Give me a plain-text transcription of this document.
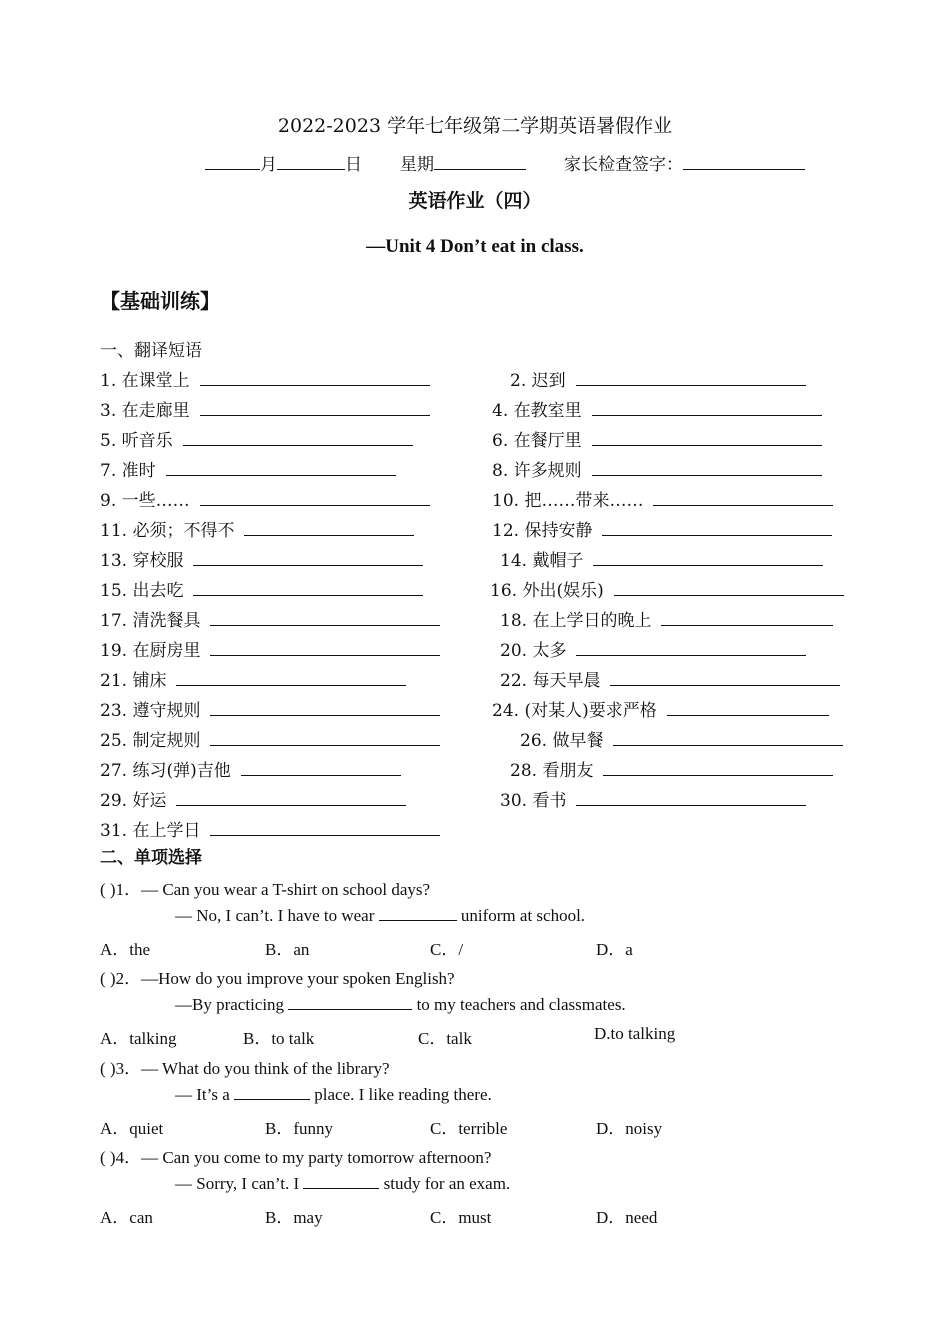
2022-2023 学年七年级第二学期英语暑假作业
月	日 星期	家长检查签字：
英语作业（四）
—Unit 4 Don’t eat in class.
【基础训练】
一、翻译短语
1. 在课堂上	2. 迟到
3. 在走廊里	4. 在教室里
5. 听音乐	6. 在餐厅里
7. 准时	8. 许多规则
9. 一些……	10. 把……带来……
11. 必须；不得不	12. 保持安静
13. 穿校服	14. 戴帽子
15. 出去吃	16. 外出(娱乐)
17. 清洗餐具	18. 在上学日的晚上
19. 在厨房里	20. 太多
21. 铺床	22. 每天早晨
23. 遵守规则	24. (对某人)要求严格
25. 制定规则	26. 做早餐
27. 练习(弹)吉他	28. 看朋友
29. 好运	30. 看书
31. 在上学日
二、单项选择
( )1．— Can you wear a T-shirt on school days?
— No, I can’t. I have to wear	uniform at school.
A．the	B．an	C．/	D．a
( )2．—How do you improve your spoken English?
—By practicing	to my teachers and classmates.
A．talking	B．to talk	C．talk	D.to talking
( )3．— What do you think of the library?
— It’s a	place. I like reading there.
A．quiet	B．funny	C．terrible	D．noisy
( )4．— Can you come to my party tomorrow afternoon?
— Sorry, I can’t. I	study for an exam.
A．can	B．may	C．must	D．need
